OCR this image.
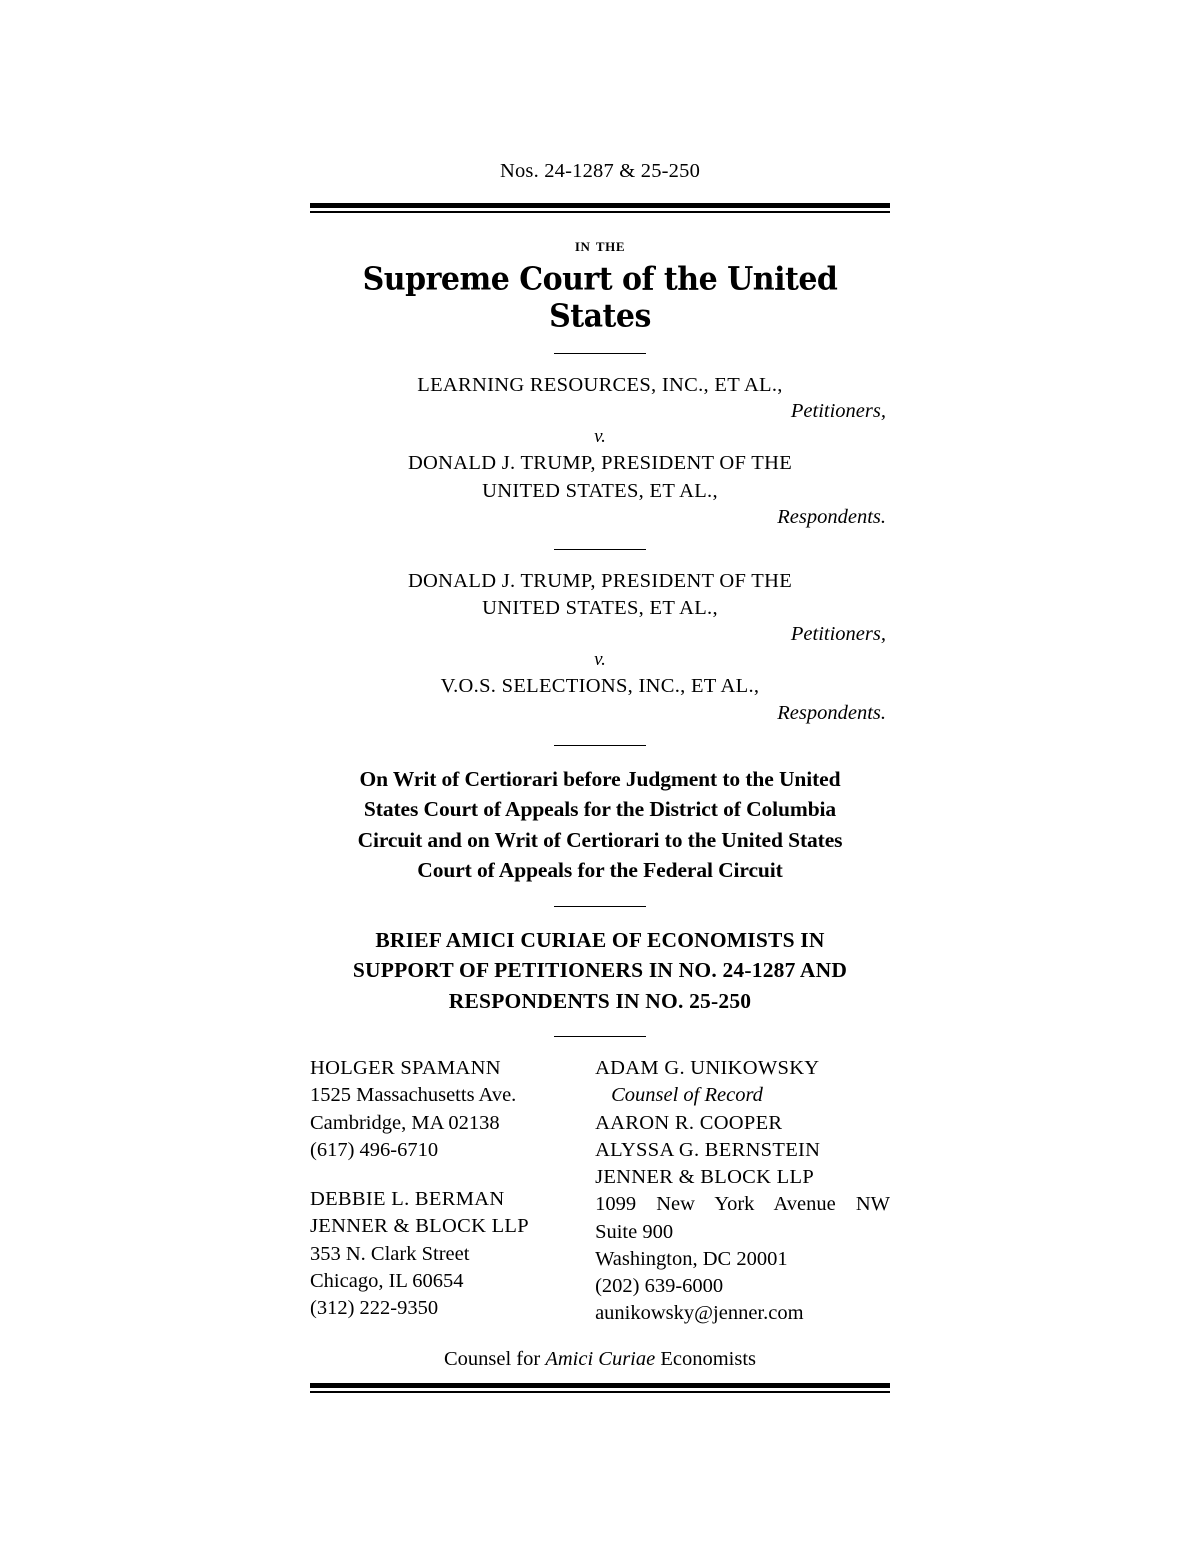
Nos. 24-1287 & 25-250
in the
Supreme Court of the United States
LEARNING RESOURCES, INC., ET AL.,
Petitioners,
v.
DONALD J. TRUMP, PRESIDENT OF THE
UNITED STATES, ET AL.,
Respondents.
DONALD J. TRUMP, PRESIDENT OF THE
UNITED STATES, ET AL.,
Petitioners,
v.
V.O.S. SELECTIONS, INC., ET AL.,
Respondents.
On Writ of Certiorari before Judgment to the United
States Court of Appeals for the District of Columbia
Circuit and on Writ of Certiorari to the United States
Court of Appeals for the Federal Circuit
BRIEF AMICI CURIAE OF ECONOMISTS IN
SUPPORT OF PETITIONERS IN NO. 24-1287 AND
RESPONDENTS IN NO. 25-250
HOLGER SPAMANN
1525 Massachusetts Ave.
Cambridge, MA 02138
(617) 496-6710
DEBBIE L. BERMAN
JENNER & BLOCK LLP
353 N. Clark Street
Chicago, IL 60654
(312) 222-9350
ADAM G. UNIKOWSKY
Counsel of Record
AARON R. COOPER
ALYSSA G. BERNSTEIN
JENNER & BLOCK LLP
1099 New York Avenue NW
Suite 900
Washington, DC 20001
(202) 639-6000
aunikowsky@jenner.com
Counsel for Amici Curiae Economists
